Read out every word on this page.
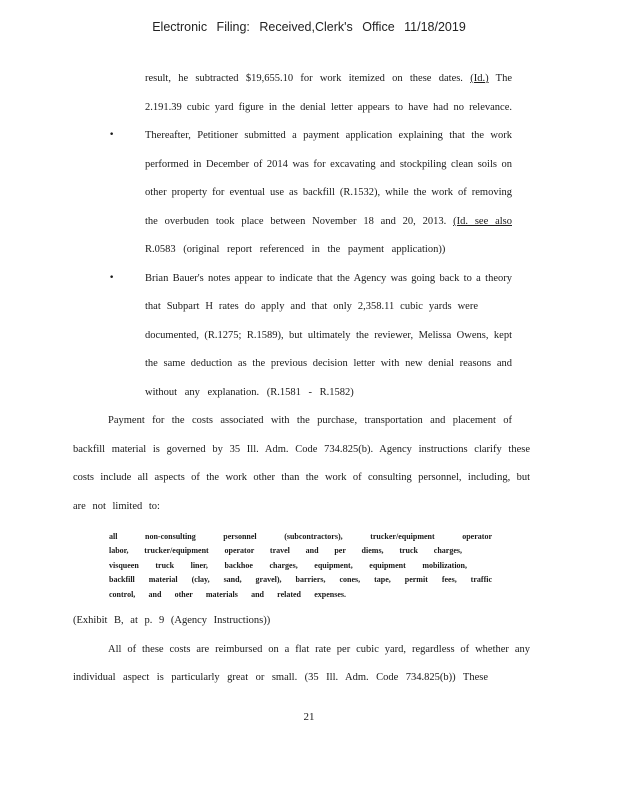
Electronic Filing: Received,Clerk's Office 11/18/2019
result, he subtracted $19,655.10 for work itemized on these dates. (Id.) The
2.191.39 cubic yard figure in the denial letter appears to have had no relevance.
•	Thereafter, Petitioner submitted a payment application explaining that the work
performed in December of 2014 was for excavating and stockpiling clean soils on
other property for eventual use as backfill (R.1532), while the work of removing
the overbuden took place between November 18 and 20, 2013. (Id. see also
R.0583 (original report referenced in the payment application))
•	Brian Bauer's notes appear to indicate that the Agency was going back to a theory
that Subpart H rates do apply and that only 2,358.11 cubic yards were
documented, (R.1275; R.1589), but ultimately the reviewer, Melissa Owens, kept
the same deduction as the previous decision letter with new denial reasons and
without any explanation. (R.1581 - R.1582)
Payment for the costs associated with the purchase, transportation and placement of
backfill material is governed by 35 Ill. Adm. Code 734.825(b). Agency instructions clarify these
costs include all aspects of the work other than the work of consulting personnel, including, but
are not limited to:
all non-consulting personnel (subcontractors), trucker/equipment operator
labor, trucker/equipment operator travel and per diems, truck charges,
visqueen truck liner, backhoe charges, equipment, equipment mobilization,
backfill material (clay, sand, gravel), barriers, cones, tape, permit fees, traffic
control, and other materials and related expenses.
(Exhibit B, at p. 9 (Agency Instructions))
All of these costs are reimbursed on a flat rate per cubic yard, regardless of whether any
individual aspect is particularly great or small. (35 Ill. Adm. Code 734.825(b)) These
21
